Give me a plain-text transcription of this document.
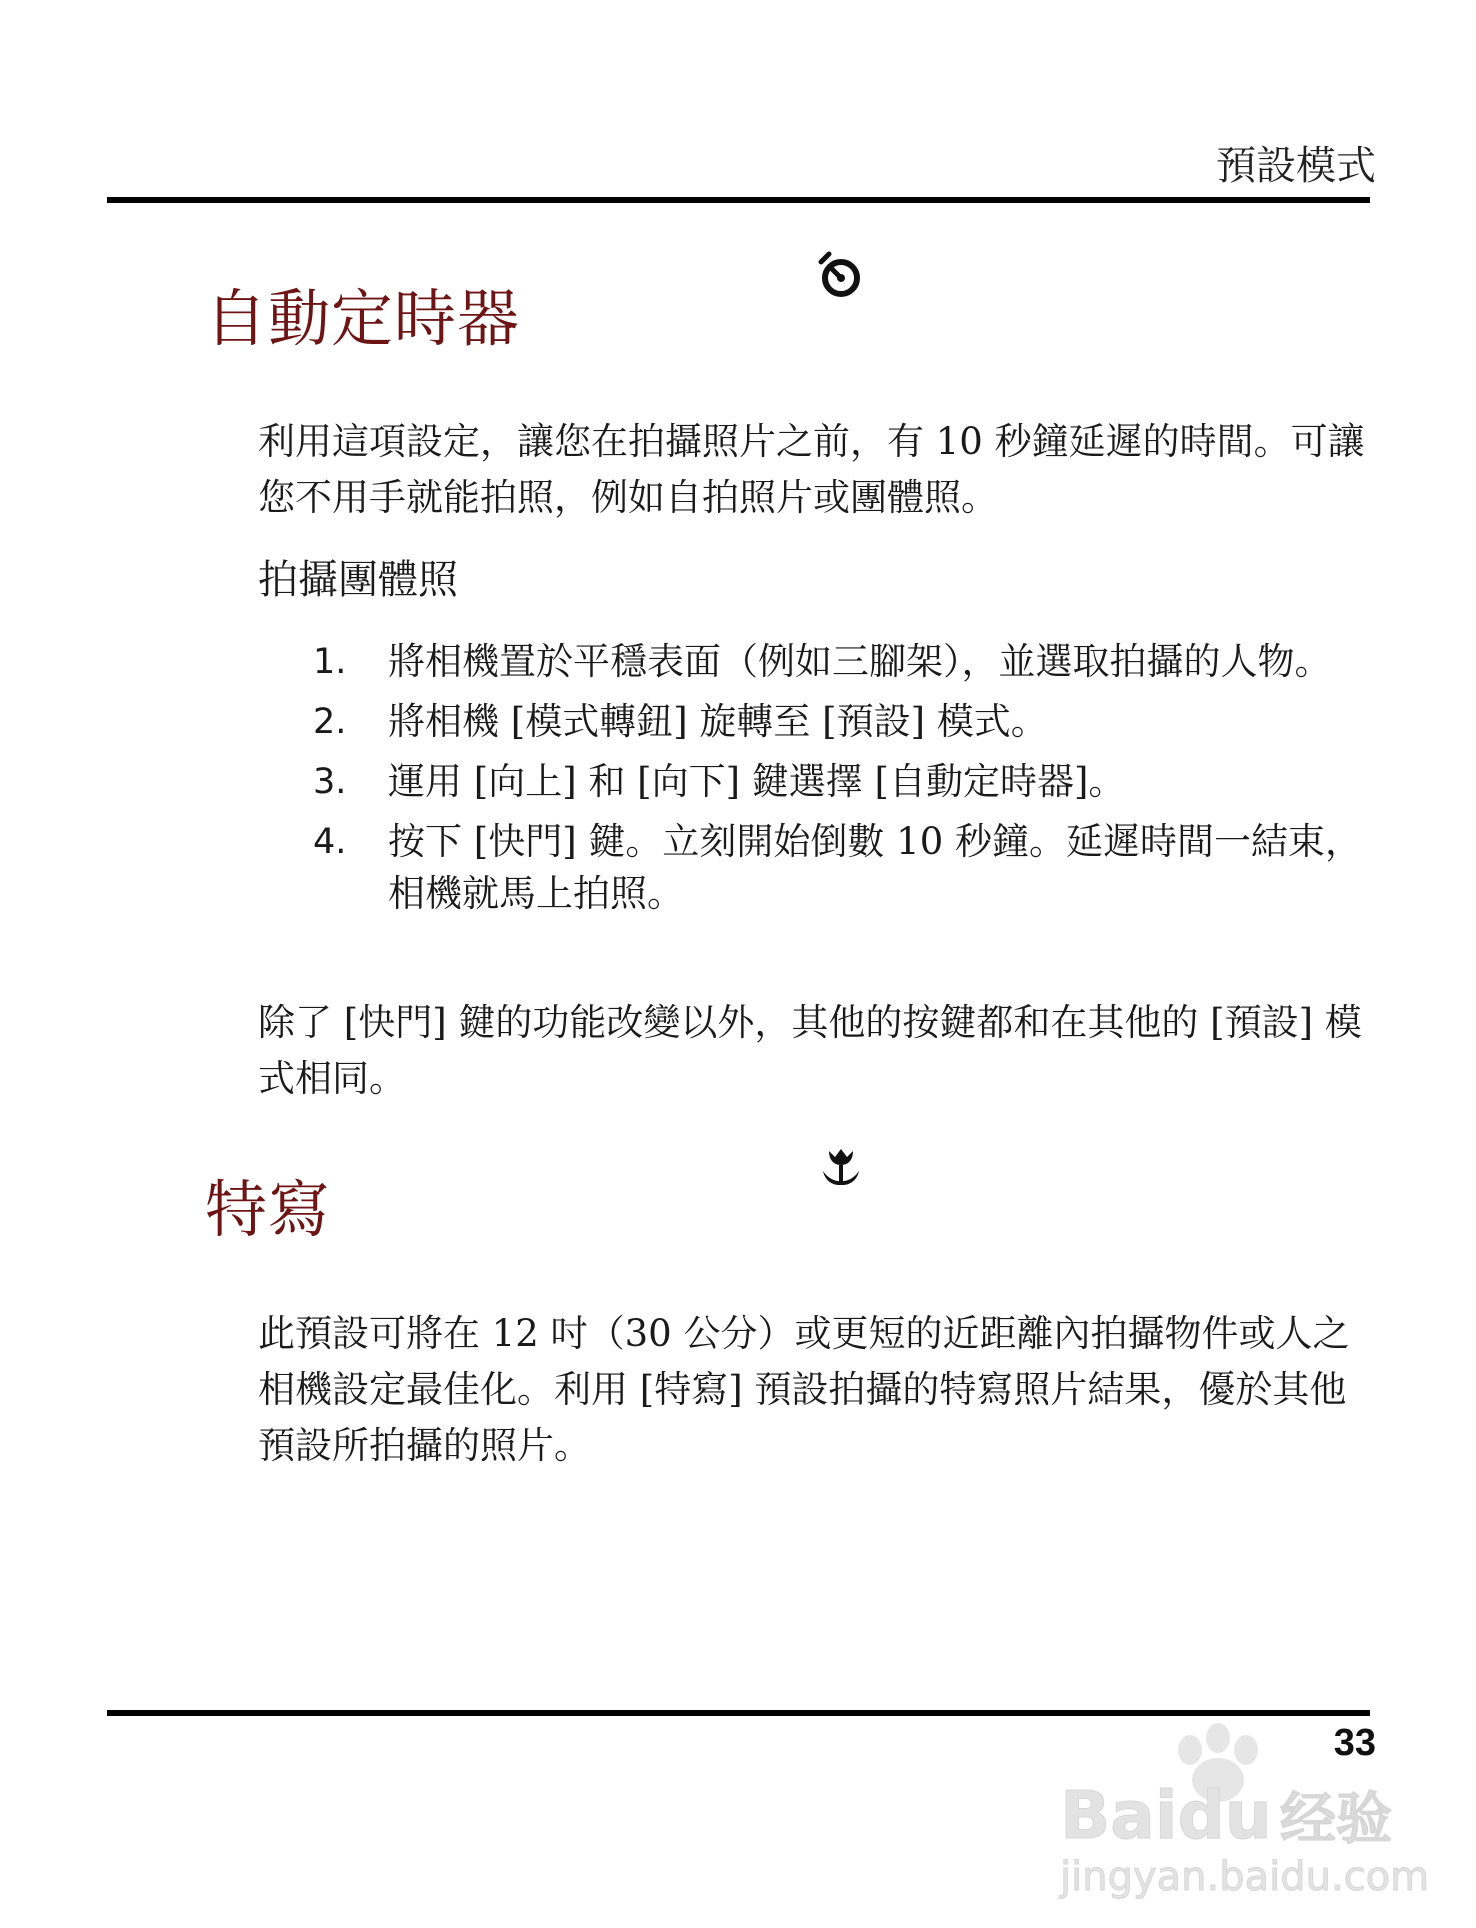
預設模式
自動定時器
利用這項設定，讓您在拍攝照片之前，有 10 秒鐘延遲的時間。可讓您不用手就能拍照，例如自拍照片或團體照。
拍攝團體照
1.	將相機置於平穩表面（例如三腳架），並選取拍攝的人物。
2.	將相機 [模式轉鈕] 旋轉至 [預設] 模式。
3.	運用 [向上] 和 [向下] 鍵選擇 [自動定時器]。
4.	按下 [快門] 鍵。立刻開始倒數 10 秒鐘。延遲時間一結束，相機就馬上拍照。
除了 [快門] 鍵的功能改變以外，其他的按鍵都和在其他的 [預設] 模式相同。
特寫
此預設可將在 12 吋（30 公分）或更短的近距離內拍攝物件或人之相機設定最佳化。利用 [特寫] 預設拍攝的特寫照片結果，優於其他預設所拍攝的照片。
33
Baidu 经验
jingyan.baidu.com
